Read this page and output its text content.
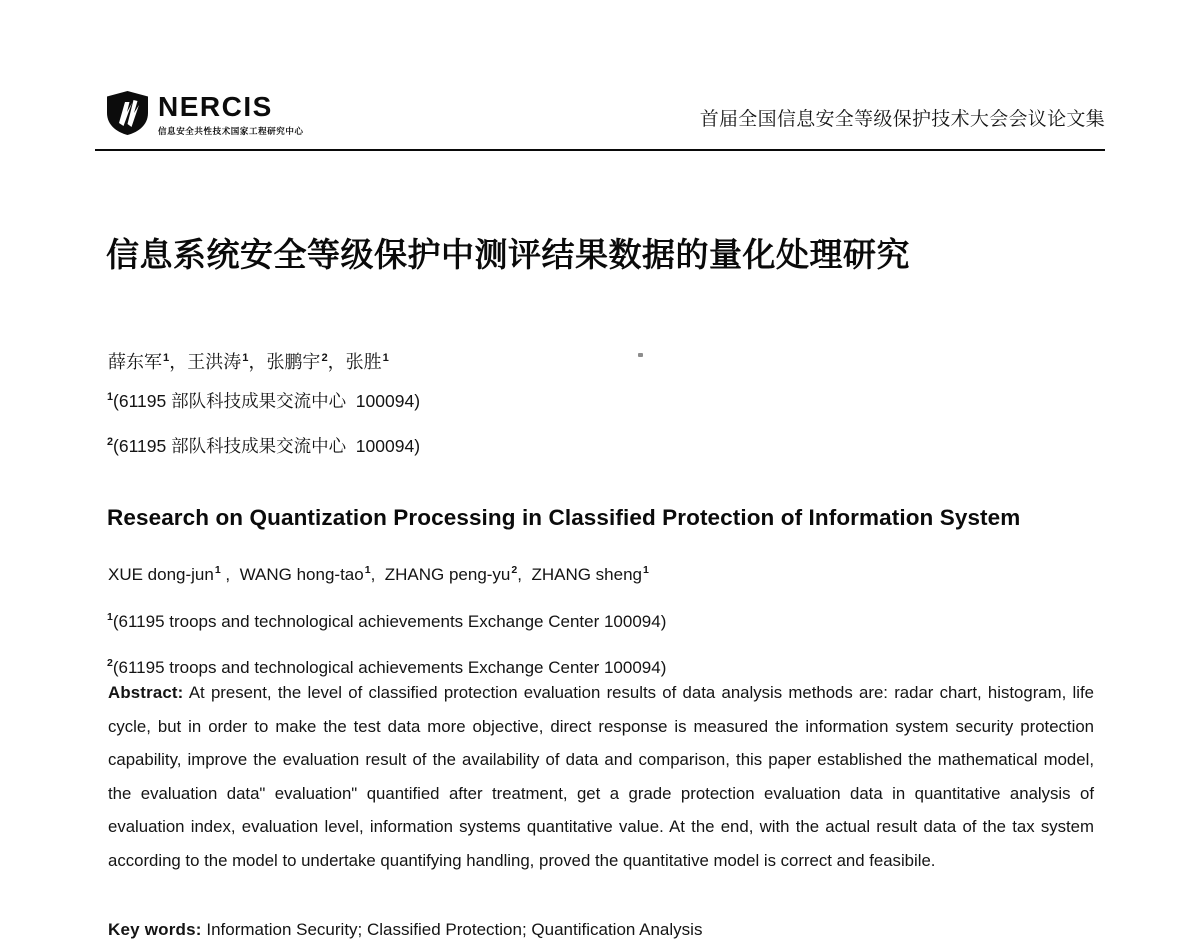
NERCIS
信息安全共性技术国家工程研究中心
首届全国信息安全等级保护技术大会会议论文集
信息系统安全等级保护中测评结果数据的量化处理研究

薛东军$^1$，王洪涛$^1$，张鹏宇$^2$，张胜$^1$

$^1$(61195 部队科技成果交流中心  100094)

$^2$(61195 部队科技成果交流中心  100094)

Research on Quantization Processing in Classified Protection of Information System

XUE dong-jun$^1$ ,  WANG hong-tao$^1$,  ZHANG peng-$yu^2$,  ZHANG sheng$^1$

$^1$(61195 troops and technological achievements Exchange Center 100094)

$^2$(61195 troops and technological achievements Exchange Center 100094)

Abstract: At present, the level of classified protection evaluation results of data analysis methods are: radar chart, histogram, life cycle, but in order to make the test data more objective, direct response is measured the information system security protection capability, improve the evaluation result of the availability of data and comparison, this paper established the mathematical model, the evaluation data" evaluation" quantified after treatment, get a grade protection evaluation data in quantitative analysis of evaluation index, evaluation level, information systems quantitative value. At the end, with the actual result data of the tax system according to the model to undertake quantifying handling, proved the quantitative model is correct and feasibile.

Key words: Information Security; Classified Protection; Quantification Analysis
